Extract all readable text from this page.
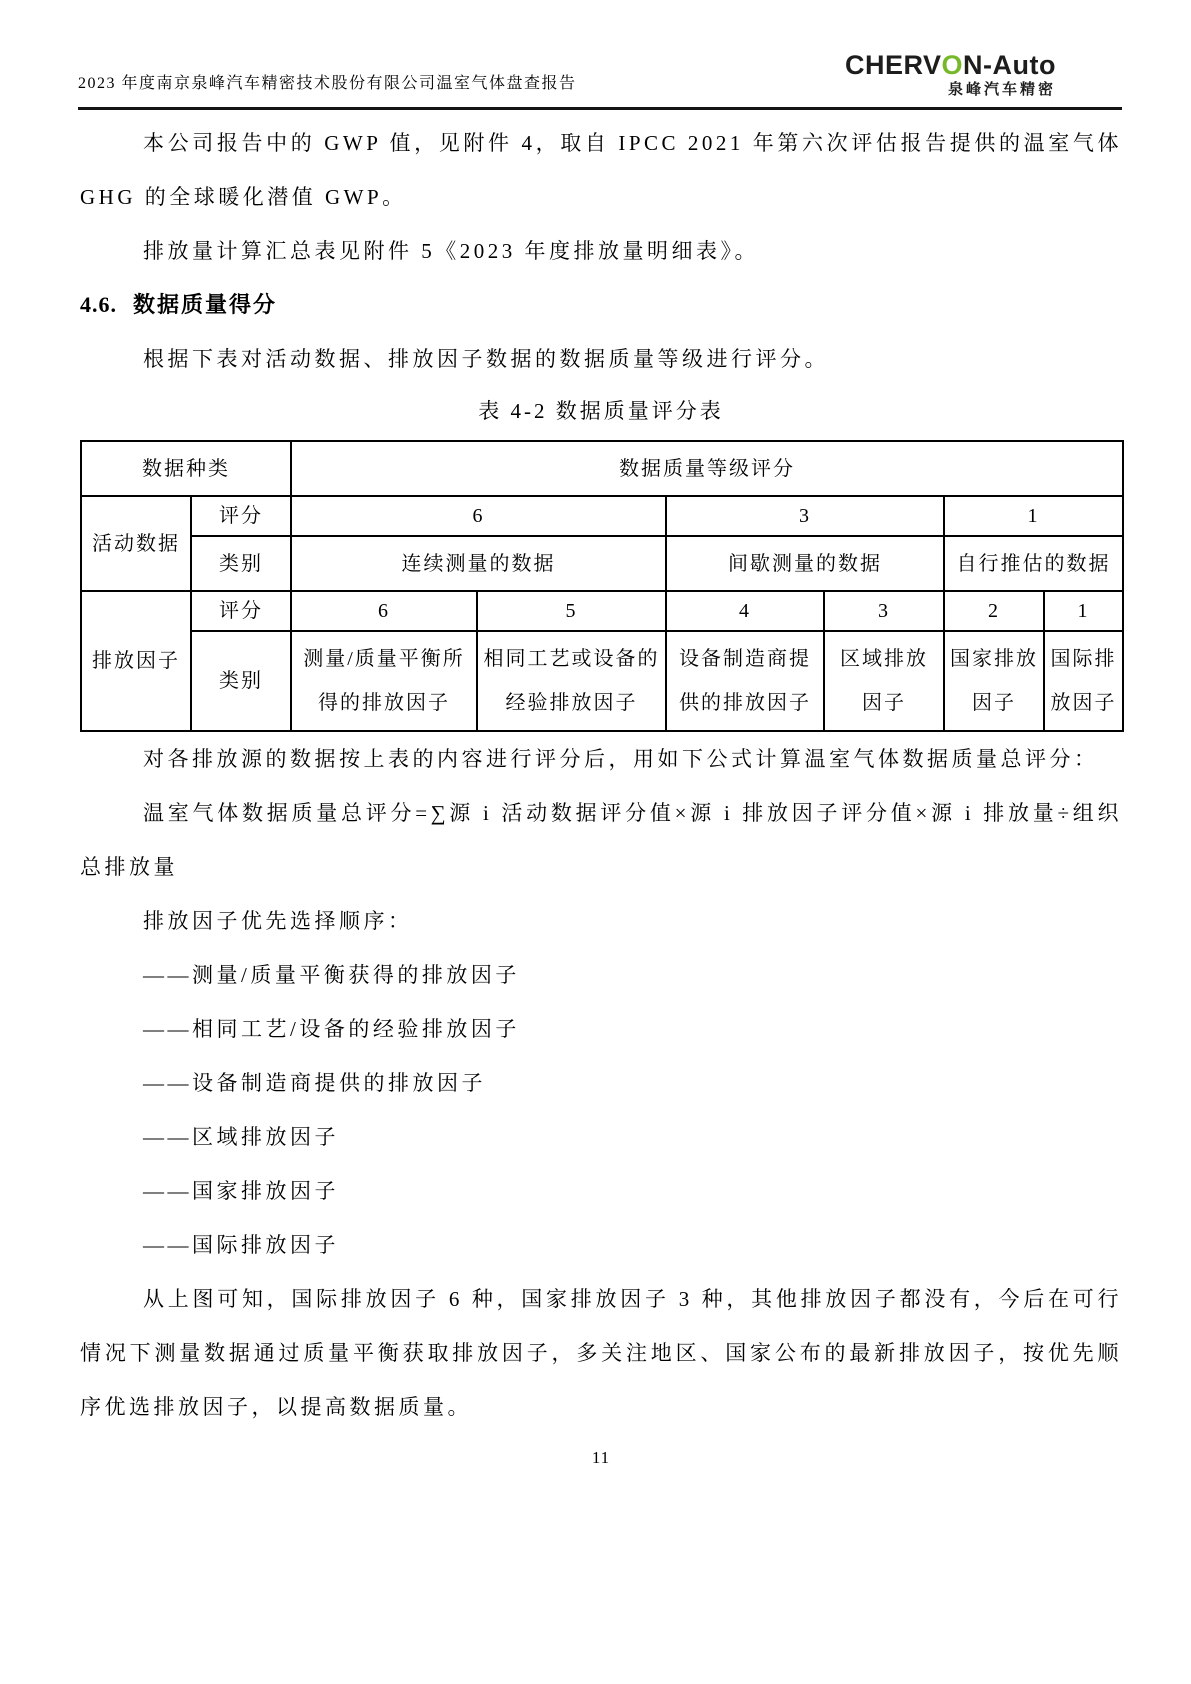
2023 年度南京泉峰汽车精密技术股份有限公司温室气体盘查报告
CHERVON-Auto
泉峰汽车精密

本公司报告中的 GWP 值，见附件 4，取自 IPCC 2021 年第六次评估报告提供的温室气体 GHG 的全球暖化潜值 GWP。

排放量计算汇总表见附件 5《2023 年度排放量明细表》。

4.6. 数据质量得分

根据下表对活动数据、排放因子数据的数据质量等级进行评分。

表 4-2 数据质量评分表

数据种类		数据质量等级评分					
活动数据	评分	6		3		1	
	类别	连续测量的数据		间歇测量的数据		自行推估的数据	
排放因子	评分	6	5	4	3	2	1
	类别	测量/质量平衡所得的排放因子	相同工艺或设备的经验排放因子	设备制造商提供的排放因子	区域排放因子	国家排放因子	国际排放因子

对各排放源的数据按上表的内容进行评分后，用如下公式计算温室气体数据质量总评分：

温室气体数据质量总评分=∑源 i 活动数据评分值×源 i 排放因子评分值×源 i 排放量÷组织总排放量

排放因子优先选择顺序：

——测量/质量平衡获得的排放因子

——相同工艺/设备的经验排放因子

——设备制造商提供的排放因子

——区域排放因子

——国家排放因子

——国际排放因子

从上图可知，国际排放因子 6 种，国家排放因子 3 种，其他排放因子都没有，今后在可行情况下测量数据通过质量平衡获取排放因子，多关注地区、国家公布的最新排放因子，按优先顺序优选排放因子，以提高数据质量。

11
